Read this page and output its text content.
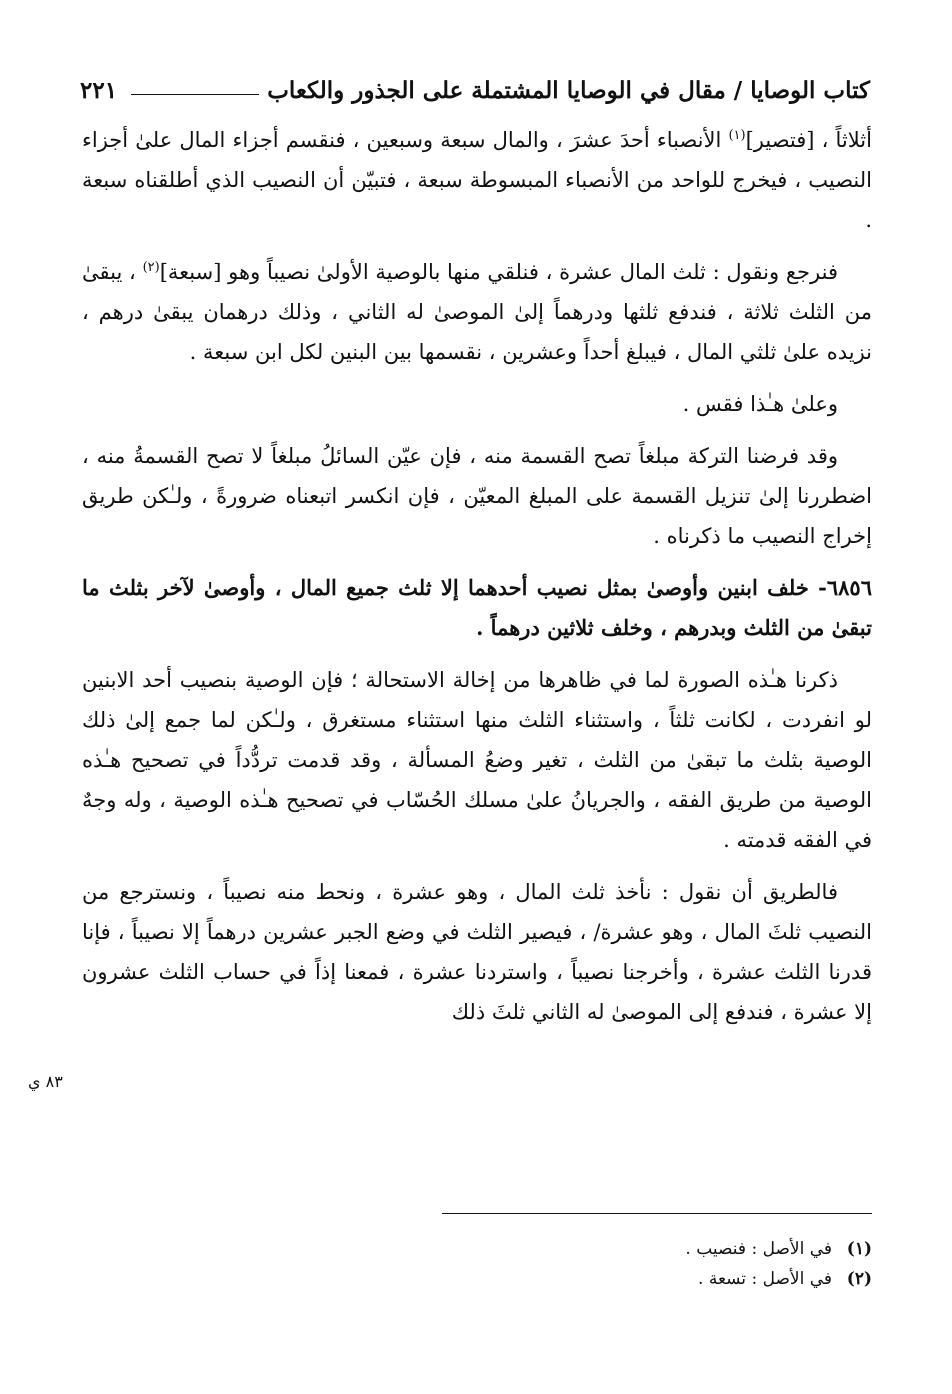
كتاب الوصايا / مقال في الوصايا المشتملة على الجذور والكعاب
٢٢١

أثلاثاً ، [فتصير]$^{(١)}$ الأنصباء أحدَ عشرَ ، والمال سبعة وسبعين ، فنقسم أجزاء المال علىٰ أجزاء النصيب ، فيخرج للواحد من الأنصباء المبسوطة سبعة ، فتبيّن أن النصيب الذي أطلقناه سبعة .

فنرجع ونقول : ثلث المال عشرة ، فنلقي منها بالوصية الأولىٰ نصيباً وهو [سبعة]$^{(٢)}$ ، يبقىٰ من الثلث ثلاثة ، فندفع ثلثها ودرهماً إلىٰ الموصىٰ له الثاني ، وذلك درهمان يبقىٰ درهم ، نزيده علىٰ ثلثي المال ، فيبلغ أحداً وعشرين ، نقسمها بين البنين لكل ابن سبعة .

وعلىٰ هـٰذا فقس .

وقد فرضنا التركة مبلغاً تصح القسمة منه ، فإن عيّن السائلُ مبلغاً لا تصح القسمةُ منه ، اضطررنا إلىٰ تنزيل القسمة على المبلغ المعيّن ، فإن انكسر اتبعناه ضرورةً ، ولـٰكن طريق إخراج النصيب ما ذكرناه .

٦٨٥٦- خلف ابنين وأوصىٰ بمثل نصيب أحدهما إلا ثلث جميع المال ، وأوصىٰ لآخر بثلث ما تبقىٰ من الثلث وبدرهم ، وخلف ثلاثين درهماً .

ذكرنا هـٰذه الصورة لما في ظاهرها من إخالة الاستحالة ؛ فإن الوصية بنصيب أحد الابنين لو انفردت ، لكانت ثلثاً ، واستثناء الثلث منها استثناء مستغرق ، ولـٰكن لما جمع إلىٰ ذلك الوصية بثلث ما تبقىٰ من الثلث ، تغير وضعُ المسألة ، وقد قدمت تردُّداً في تصحيح هـٰذه الوصية من طريق الفقه ، والجريانُ علىٰ مسلك الحُسّاب في تصحيح هـٰذه الوصية ، وله وجهٌ في الفقه قدمته .

فالطريق أن نقول : نأخذ ثلث المال ، وهو عشرة ، ونحط منه نصيباً ، ونسترجع من النصيب ثلثَ المال ، وهو عشرة/ ، فيصير الثلث في وضع الجبر عشرين درهماً إلا نصيباً ، فإنا قدرنا الثلث عشرة ، وأخرجنا نصيباً ، واستردنا عشرة ، فمعنا إذاً في حساب الثلث عشرون إلا عشرة ، فندفع إلى الموصىٰ له الثاني ثلثَ ذلك

٨٣ ي
(١)
في الأصل : فنصيب .
(٢)
في الأصل : تسعة .
